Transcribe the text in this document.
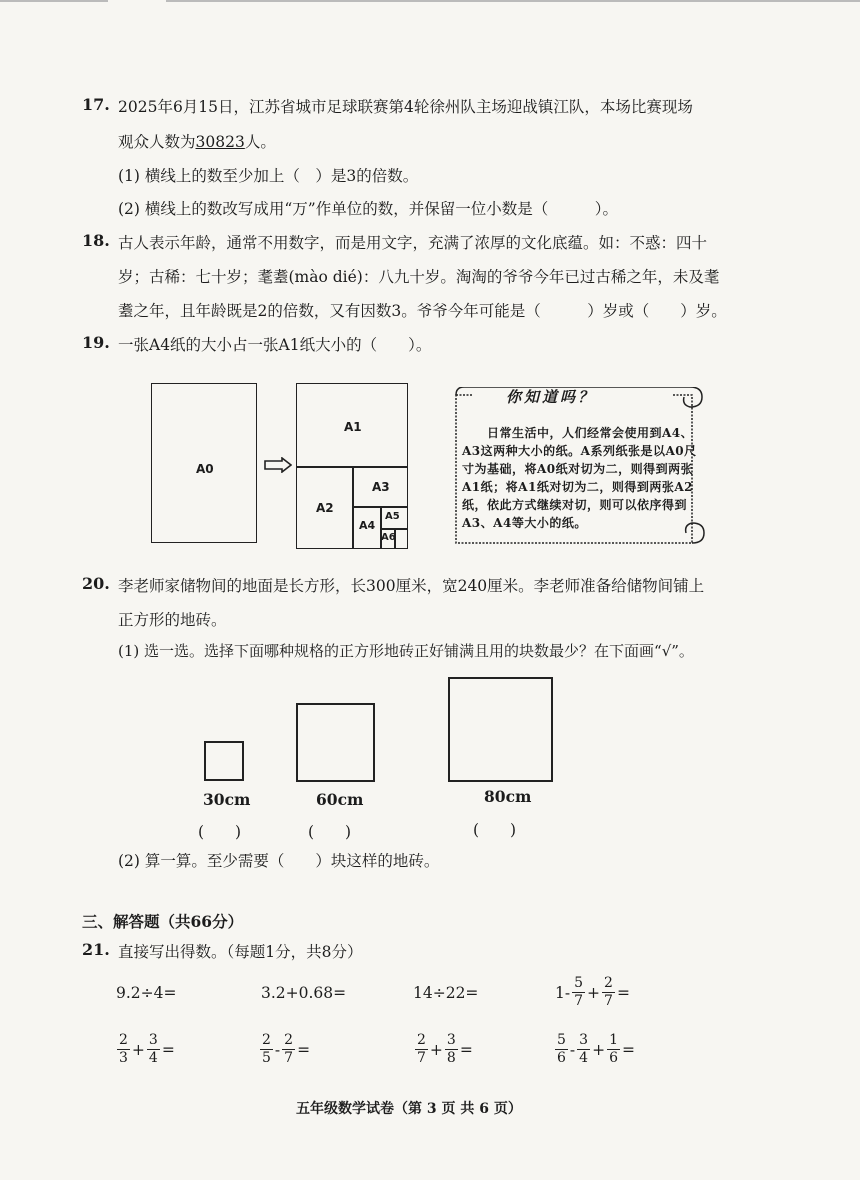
17. 2025年6月15日，江苏省城市足球联赛第4轮徐州队主场迎战镇江队，本场比赛现场
观众人数为30823人。
(1) 横线上的数至少加上（　）是3的倍数。
(2) 横线上的数改写成用“万”作单位的数，并保留一位小数是（　　　）。
18. 古人表示年龄，通常不用数字，而是用文字，充满了浓厚的文化底蕴。如：不惑：四十
岁；古稀：七十岁；耄耋(mào dié)：八九十岁。淘淘的爷爷今年已过古稀之年，未及耄
耋之年，且年龄既是2的倍数，又有因数3。爷爷今年可能是（　　　）岁或（　　）岁。
19. 一张A4纸的大小占一张A1纸大小的（　　）。
A0
A1
A2
A3
A4
A5
A6
你知道吗？
　　日常生活中，人们经常会使用到A4、A3这两种大小的纸。A系列纸张是以A0尺寸为基础，将A0纸对切为二，则得到两张A1纸；将A1纸对切为二，则得到两张A2纸，依此方式继续对切，则可以依序得到A3、A4等大小的纸。
20. 李老师家储物间的地面是长方形，长300厘米，宽240厘米。李老师准备给储物间铺上
正方形的地砖。
(1) 选一选。选择下面哪种规格的正方形地砖正好铺满且用的块数最少？在下面画“√”。
30cm	60cm	80cm
(　　)	(　　)	(　　)
(2) 算一算。至少需要（　　）块这样的地砖。
三、解答题（共66分）
21. 直接写出得数。（每题1分，共8分）
9.2÷4=	3.2+0.68=	14÷22=	$1- \frac{5}{7} + \frac{2}{7}$ =
$\frac{2}{3} + \frac{3}{4}$ =	$\frac{2}{5} - \frac{2}{7}$ =	$\frac{2}{7} + \frac{3}{8}$ =	$\frac{5}{6} - \frac{3}{4} + \frac{1}{6}$ =
五年级数学试卷（第 3 页 共 6 页）
